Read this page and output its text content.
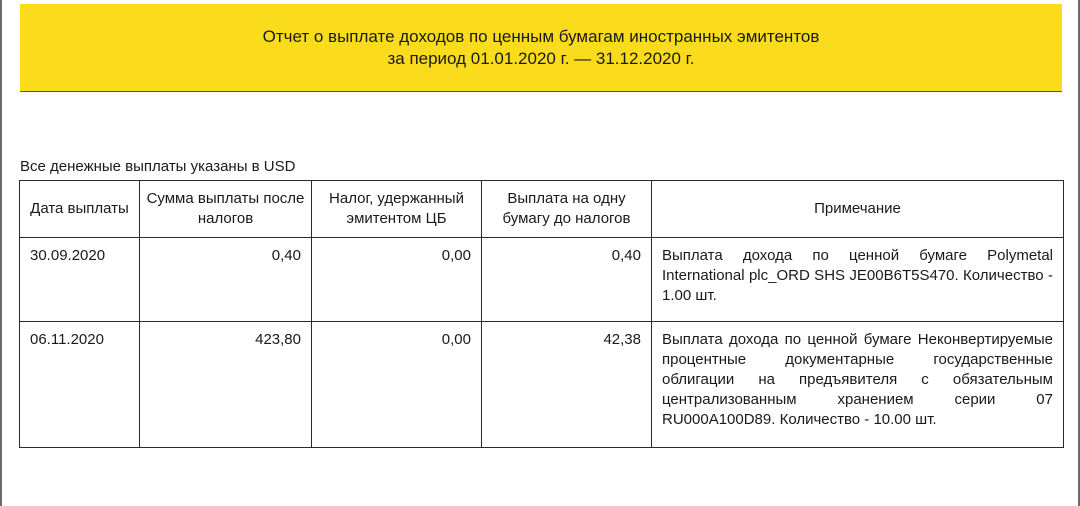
Отчет о выплате доходов по ценным бумагам иностранных эмитентов
за период 01.01.2020 г. — 31.12.2020 г.
Все денежные выплаты указаны в USD
Дата выплаты	Сумма выплаты после налогов	Налог, удержанный эмитентом ЦБ	Выплата на одну бумагу до налогов	Примечание
30.09.2020	0,40	0,00	0,40	Выплата дохода по ценной бумаге Polymetal International plc_ORD SHS JE00B6T5S470. Количество - 1.00 шт.
06.11.2020	423,80	0,00	42,38	Выплата дохода по ценной бумаге Неконвертируемые процентные документарные государственные облигации на предъявителя с обязательным централизованным хранением серии 07 RU000A100D89. Количество - 10.00 шт.
